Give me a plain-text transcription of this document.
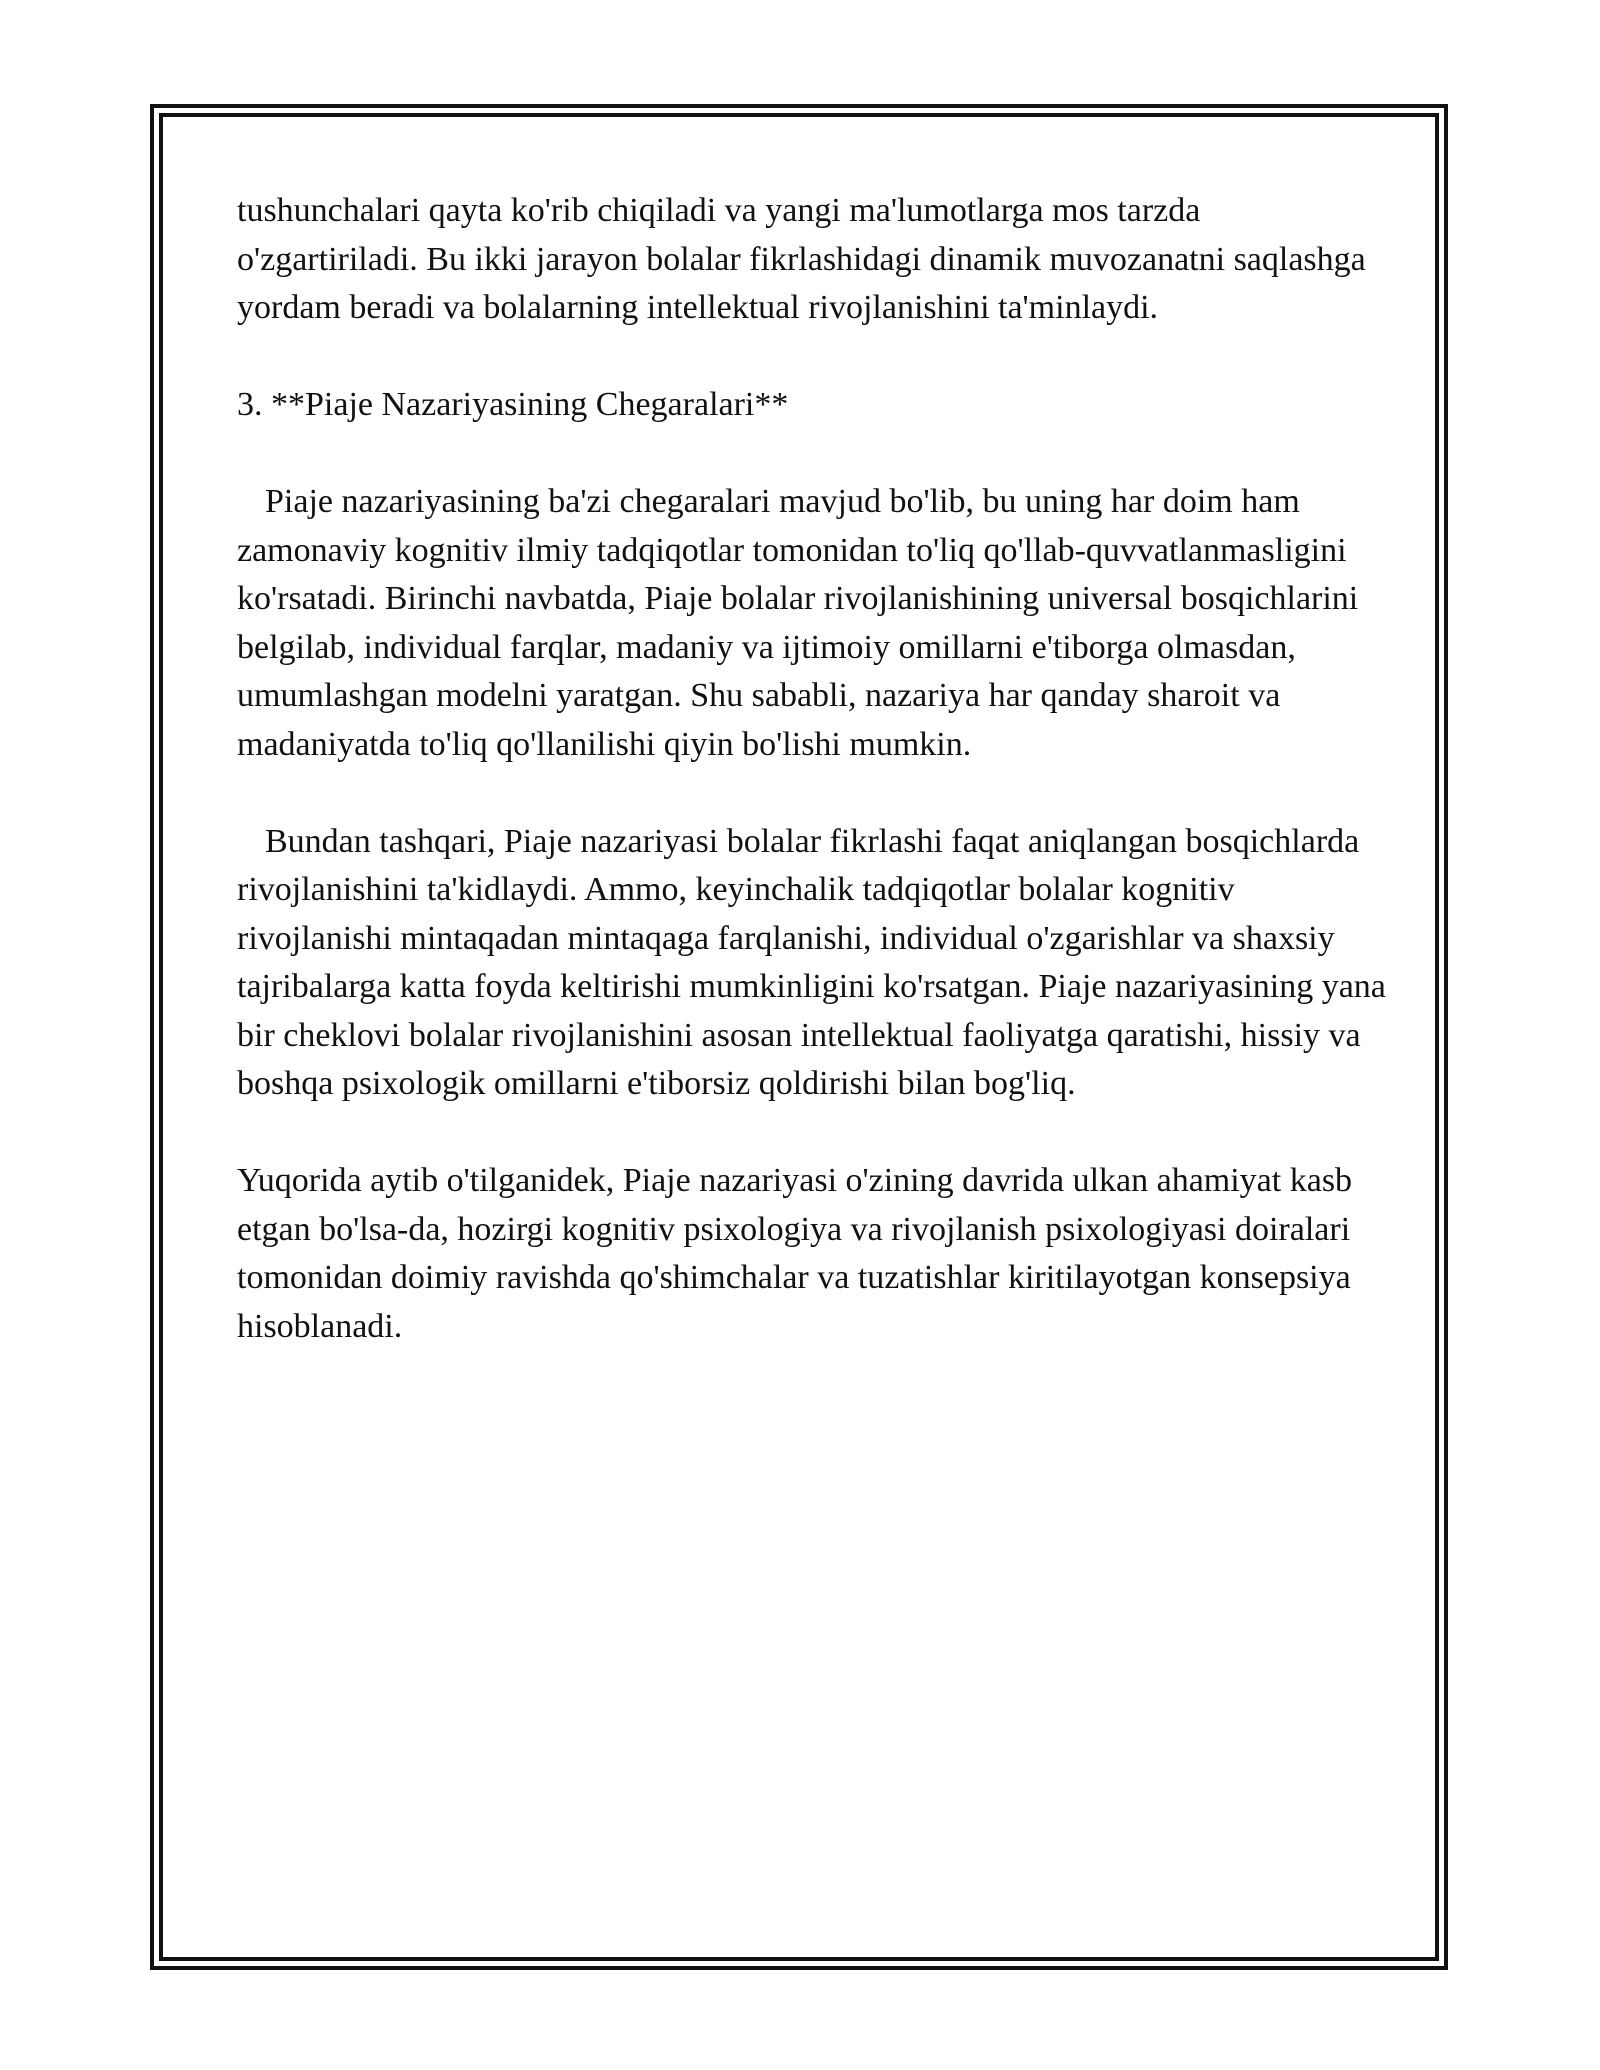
tushunchalari qayta ko'rib chiqiladi va yangi ma'lumotlarga mos tarzda o'zgartiriladi. Bu ikki jarayon bolalar fikrlashidagi dinamik muvozanatni saqlashga yordam beradi va bolalarning intellektual rivojlanishini ta'minlaydi.

3. **Piaje Nazariyasining Chegaralari**

Piaje nazariyasining ba'zi chegaralari mavjud bo'lib, bu uning har doim ham zamonaviy kognitiv ilmiy tadqiqotlar tomonidan to'liq qo'llab-quvvatlanmasligini ko'rsatadi. Birinchi navbatda, Piaje bolalar rivojlanishining universal bosqichlarini belgilab, individual farqlar, madaniy va ijtimoiy omillarni e'tiborga olmasdan, umumlashgan modelni yaratgan. Shu sababli, nazariya har qanday sharoit va madaniyatda to'liq qo'llanilishi qiyin bo'lishi mumkin.

Bundan tashqari, Piaje nazariyasi bolalar fikrlashi faqat aniqlangan bosqichlarda rivojlanishini ta'kidlaydi. Ammo, keyinchalik tadqiqotlar bolalar kognitiv rivojlanishi mintaqadan mintaqaga farqlanishi, individual o'zgarishlar va shaxsiy tajribalarga katta foyda keltirishi mumkinligini ko'rsatgan. Piaje nazariyasining yana bir cheklovi bolalar rivojlanishini asosan intellektual faoliyatga qaratishi, hissiy va boshqa psixologik omillarni e'tiborsiz qoldirishi bilan bog'liq.

Yuqorida aytib o'tilganidek, Piaje nazariyasi o'zining davrida ulkan ahamiyat kasb etgan bo'lsa-da, hozirgi kognitiv psixologiya va rivojlanish psixologiyasi doiralari tomonidan doimiy ravishda qo'shimchalar va tuzatishlar kiritilayotgan konsepsiya hisoblanadi.
